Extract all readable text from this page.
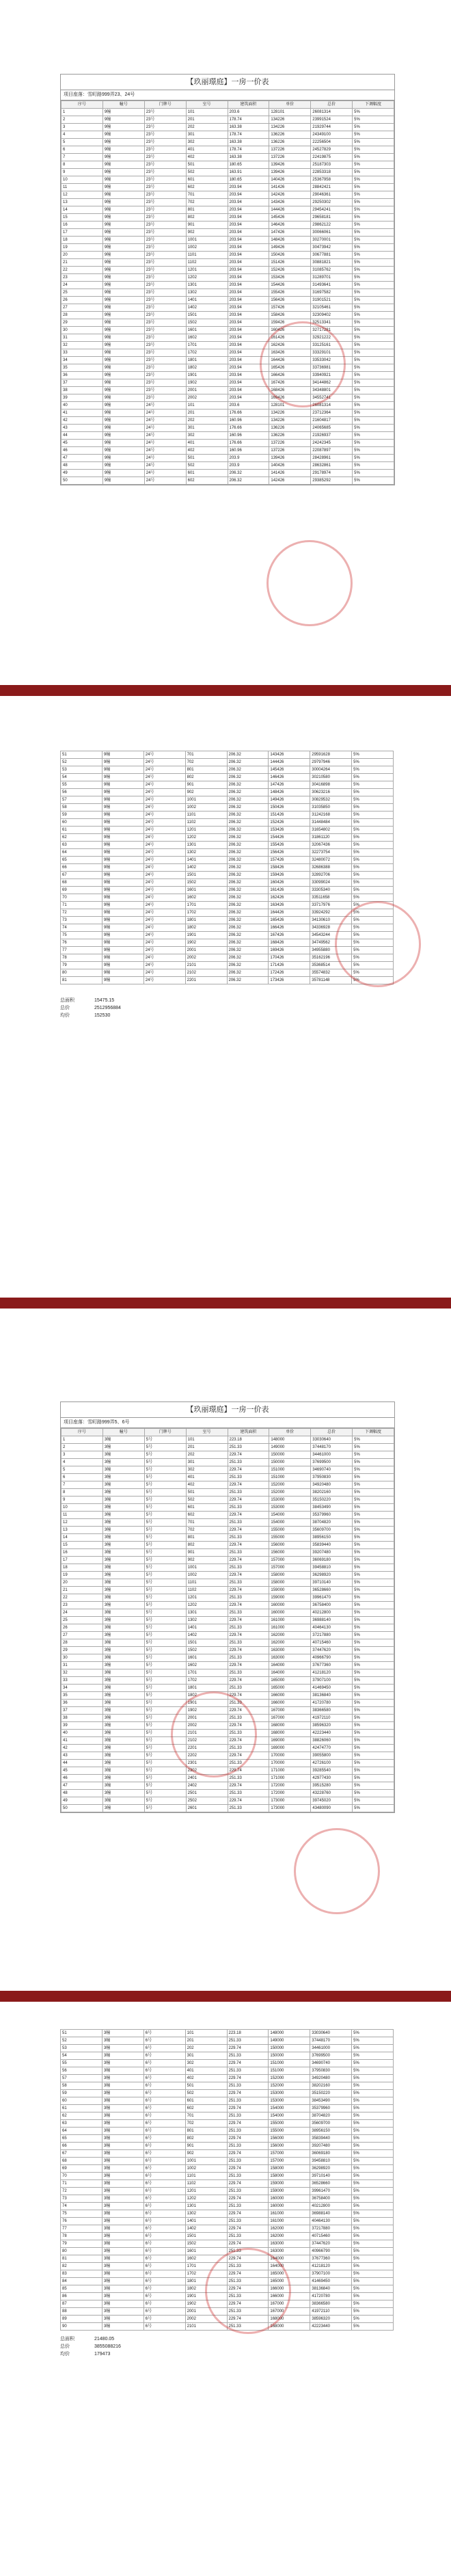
【玖丽璟庭】一房一价表
项目座落：雪町路999弄23、24号
序号	幢号	门牌号	室号	建筑面积	单价	总价	下调幅度
1	9幢	23号	101	203.6	128101	26081314	5%
2	9幢	23号	201	178.74	134226	23991524	5%
3	9幢	23号	202	163.38	134226	21929744	5%
4	9幢	23号	301	178.74	136226	24349100	5%
5	9幢	23号	302	163.38	136226	22256504	5%
6	9幢	23号	401	178.74	137226	24527829	5%
7	9幢	23号	402	163.38	137226	22419875	5%
8	9幢	23号	501	180.65	139426	25187303	5%
9	9幢	23号	502	163.91	139426	22853318	5%
10	9幢	23号	601	180.65	140426	25367958	5%
11	9幢	23号	602	203.94	141426	28842421	5%
12	9幢	23号	701	203.94	142426	29046361	5%
13	9幢	23号	702	203.94	143426	29250302	5%
14	9幢	23号	801	203.94	144426	29454241	5%
15	9幢	23号	802	203.94	145426	29658181	5%
16	9幢	23号	901	203.94	146426	29862122	5%
17	9幢	23号	902	203.94	147426	30066061	5%
18	9幢	23号	1001	203.94	148426	30270001	5%
19	9幢	23号	1002	203.94	149426	30473942	5%
20	9幢	23号	1101	203.94	150426	30677881	5%
21	9幢	23号	1102	203.94	151426	30881821	5%
22	9幢	23号	1201	203.94	152426	31085762	5%
23	9幢	23号	1202	203.94	153426	31289701	5%
24	9幢	23号	1301	203.94	154426	31493641	5%
25	9幢	23号	1302	203.94	155426	31697582	5%
26	9幢	23号	1401	203.94	156426	31901521	5%
27	9幢	23号	1402	203.94	157426	32105461	5%
28	9幢	23号	1501	203.94	158426	32309402	5%
29	9幢	23号	1502	203.94	159426	32513341	5%
30	9幢	23号	1601	203.94	160426	32717281	5%
31	9幢	23号	1602	203.94	161426	32921222	5%
32	9幢	23号	1701	203.94	162426	33125161	5%
33	9幢	23号	1702	203.94	163426	33329101	5%
34	9幢	23号	1801	203.94	164426	33533042	5%
35	9幢	23号	1802	203.94	165426	33736981	5%
36	9幢	23号	1901	203.94	166426	33940921	5%
37	9幢	23号	1902	203.94	167426	34144862	5%
38	9幢	23号	2001	203.94	168426	34348801	5%
39	9幢	23号	2002	203.94	169426	34552741	5%
40	9幢	24号	101	203.6	128101	26081314	5%
41	9幢	24号	201	176.66	134226	23712364	5%
42	9幢	24号	202	160.96	134226	21604817	5%
43	9幢	24号	301	176.66	136226	24065685	5%
44	9幢	24号	302	160.96	136226	21926937	5%
45	9幢	24号	401	176.66	137226	24242345	5%
46	9幢	24号	402	160.96	137226	22087897	5%
47	9幢	24号	501	203.9	139426	28428961	5%
48	9幢	24号	502	203.9	140426	28632861	5%
49	9幢	24号	601	206.32	141426	29178974	5%
50	9幢	24号	602	206.32	142426	29385292	5%
51	9幢	24号	701	206.32	143426	29591628	5%
52	9幢	24号	702	206.32	144426	29797946	5%
53	9幢	24号	801	206.32	145426	30004264	5%
54	9幢	24号	802	206.32	146426	30210580	5%
55	9幢	24号	901	206.32	147426	30416898	5%
56	9幢	24号	902	206.32	148426	30623216	5%
57	9幢	24号	1001	206.32	149426	30829532	5%
58	9幢	24号	1002	206.32	150426	31035850	5%
59	9幢	24号	1101	206.32	151426	31242168	5%
60	9幢	24号	1102	206.32	152426	31448484	5%
61	9幢	24号	1201	206.32	153426	31654802	5%
62	9幢	24号	1202	206.32	154426	31861120	5%
63	9幢	24号	1301	206.32	155426	32067436	5%
64	9幢	24号	1302	206.32	156426	32273754	5%
65	9幢	24号	1401	206.32	157426	32480072	5%
66	9幢	24号	1402	206.32	158426	32686388	5%
67	9幢	24号	1501	206.32	159426	32892706	5%
68	9幢	24号	1502	206.32	160426	33099024	5%
69	9幢	24号	1601	206.32	161426	33305340	5%
70	9幢	24号	1602	206.32	162426	33511658	5%
71	9幢	24号	1701	206.32	163426	33717976	5%
72	9幢	24号	1702	206.32	164426	33924292	5%
73	9幢	24号	1801	206.32	165426	34130610	5%
74	9幢	24号	1802	206.32	166426	34336928	5%
75	9幢	24号	1901	206.32	167426	34543244	5%
76	9幢	24号	1902	206.32	168426	34749562	5%
77	9幢	24号	2001	206.32	169426	34955880	5%
78	9幢	24号	2002	206.32	170426	35162196	5%
79	9幢	24号	2101	206.32	171426	35368514	5%
80	9幢	24号	2102	206.32	172426	35574832	5%
81	9幢	24号	2201	206.32	173426	35781148	5%
总面积	15475.15
总价	2512956884
均价	152530
【玖丽璟庭】一房一价表
项目座落：雪町路999弄5、6号
序号	幢号	门牌号	室号	建筑面积	单价	总价	下调幅度
1	3幢	5号	101	223.18	148000	33030640	5%
2	3幢	5号	201	251.33	149000	37448170	5%
3	3幢	5号	202	229.74	150000	34461000	5%
4	3幢	5号	301	251.33	150000	37699500	5%
5	3幢	5号	302	229.74	151000	34690740	5%
6	3幢	5号	401	251.33	151000	37950830	5%
7	3幢	5号	402	229.74	152000	34920480	5%
8	3幢	5号	501	251.33	152000	38202160	5%
9	3幢	5号	502	229.74	153000	35150220	5%
10	3幢	5号	601	251.33	153000	38453490	5%
11	3幢	5号	602	229.74	154000	35379960	5%
12	3幢	5号	701	251.33	154000	38704820	5%
13	3幢	5号	702	229.74	155000	35609700	5%
14	3幢	5号	801	251.33	155000	38956150	5%
15	3幢	5号	802	229.74	156000	35839440	5%
16	3幢	5号	901	251.33	156000	39207480	5%
17	3幢	5号	902	229.74	157000	36069180	5%
18	3幢	5号	1001	251.33	157000	39458810	5%
19	3幢	5号	1002	229.74	158000	36298920	5%
20	3幢	5号	1101	251.33	158000	39710140	5%
21	3幢	5号	1102	229.74	159000	36528660	5%
22	3幢	5号	1201	251.33	159000	39961470	5%
23	3幢	5号	1202	229.74	160000	36758400	5%
24	3幢	5号	1301	251.33	160000	40212800	5%
25	3幢	5号	1302	229.74	161000	36988140	5%
26	3幢	5号	1401	251.33	161000	40464130	5%
27	3幢	5号	1402	229.74	162000	37217880	5%
28	3幢	5号	1501	251.33	162000	40715460	5%
29	3幢	5号	1502	229.74	163000	37447620	5%
30	3幢	5号	1601	251.33	163000	40966790	5%
31	3幢	5号	1602	229.74	164000	37677360	5%
32	3幢	5号	1701	251.33	164000	41218120	5%
33	3幢	5号	1702	229.74	165000	37907100	5%
34	3幢	5号	1801	251.33	165000	41469450	5%
35	3幢	5号	1802	229.74	166000	38136840	5%
36	3幢	5号	1901	251.33	166000	41720780	5%
37	3幢	5号	1902	229.74	167000	38366580	5%
38	3幢	5号	2001	251.33	167000	41972110	5%
39	3幢	5号	2002	229.74	168000	38596320	5%
40	3幢	5号	2101	251.33	168000	42223440	5%
41	3幢	5号	2102	229.74	169000	38826060	5%
42	3幢	5号	2201	251.33	169000	42474770	5%
43	3幢	5号	2202	229.74	170000	39055800	5%
44	3幢	5号	2301	251.33	170000	42726100	5%
45	3幢	5号	2302	229.74	171000	39285540	5%
46	3幢	5号	2401	251.33	171000	42977430	5%
47	3幢	5号	2402	229.74	172000	39515280	5%
48	3幢	5号	2501	251.33	172000	43228760	5%
49	3幢	5号	2502	229.74	173000	39745020	5%
50	3幢	5号	2601	251.33	173000	43480090	5%
51	3幢	6号	101	223.18	148000	33030640	5%
52	3幢	6号	201	251.33	149000	37448170	5%
53	3幢	6号	202	229.74	150000	34461000	5%
54	3幢	6号	301	251.33	150000	37699500	5%
55	3幢	6号	302	229.74	151000	34690740	5%
56	3幢	6号	401	251.33	151000	37950830	5%
57	3幢	6号	402	229.74	152000	34920480	5%
58	3幢	6号	501	251.33	152000	38202160	5%
59	3幢	6号	502	229.74	153000	35150220	5%
60	3幢	6号	601	251.33	153000	38453490	5%
61	3幢	6号	602	229.74	154000	35379960	5%
62	3幢	6号	701	251.33	154000	38704820	5%
63	3幢	6号	702	229.74	155000	35609700	5%
64	3幢	6号	801	251.33	155000	38956150	5%
65	3幢	6号	802	229.74	156000	35839440	5%
66	3幢	6号	901	251.33	156000	39207480	5%
67	3幢	6号	902	229.74	157000	36069180	5%
68	3幢	6号	1001	251.33	157000	39458810	5%
69	3幢	6号	1002	229.74	158000	36298920	5%
70	3幢	6号	1101	251.33	158000	39710140	5%
71	3幢	6号	1102	229.74	159000	36528660	5%
72	3幢	6号	1201	251.33	159000	39961470	5%
73	3幢	6号	1202	229.74	160000	36758400	5%
74	3幢	6号	1301	251.33	160000	40212800	5%
75	3幢	6号	1302	229.74	161000	36988140	5%
76	3幢	6号	1401	251.33	161000	40464130	5%
77	3幢	6号	1402	229.74	162000	37217880	5%
78	3幢	6号	1501	251.33	162000	40715460	5%
79	3幢	6号	1502	229.74	163000	37447620	5%
80	3幢	6号	1601	251.33	163000	40966790	5%
81	3幢	6号	1602	229.74	164000	37677360	5%
82	3幢	6号	1701	251.33	164000	41218120	5%
83	3幢	6号	1702	229.74	165000	37907100	5%
84	3幢	6号	1801	251.33	165000	41469450	5%
85	3幢	6号	1802	229.74	166000	38136840	5%
86	3幢	6号	1901	251.33	166000	41720780	5%
87	3幢	6号	1902	229.74	167000	38366580	5%
88	3幢	6号	2001	251.33	167000	41972110	5%
89	3幢	6号	2002	229.74	168000	38596320	5%
90	3幢	6号	2101	251.33	168000	42223440	5%
总面积	21480.05
总价	3855088216
均价	179473
